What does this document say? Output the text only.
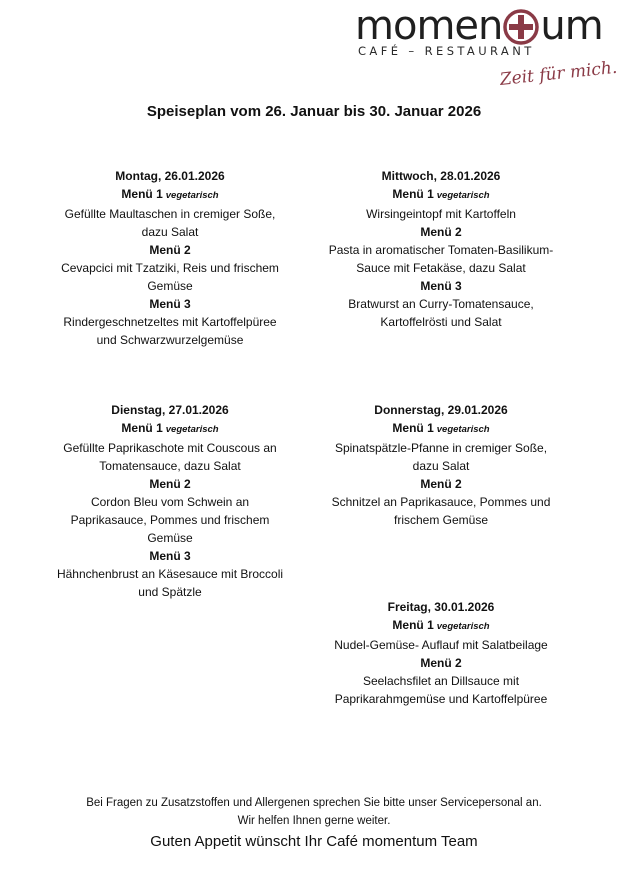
momen um
CAFÉ – RESTAURANT
Zeit für mich.
Speiseplan vom 26. Januar bis 30. Januar 2026

Montag, 26.01.2026

Menü 1 vegetarisch

Gefüllte Maultaschen in cremiger Soße,

dazu Salat

Menü 2

Cevapcici mit Tzatziki, Reis und frischem

Gemüse

Menü 3

Rindergeschnetzeltes mit Kartoffelpüree

und Schwarzwurzelgemüse

Mittwoch, 28.01.2026

Menü 1 vegetarisch

Wirsingeintopf mit Kartoffeln

Menü 2

Pasta in aromatischer Tomaten-Basilikum-

Sauce mit Fetakäse, dazu Salat

Menü 3

Bratwurst an Curry-Tomatensauce,

Kartoffelrösti und Salat

Dienstag, 27.01.2026

Menü 1 vegetarisch

Gefüllte Paprikaschote mit Couscous an

Tomatensauce, dazu Salat

Menü 2

Cordon Bleu vom Schwein an

Paprikasauce, Pommes und frischem

Gemüse

Menü 3

Hähnchenbrust an Käsesauce mit Broccoli

und Spätzle

Donnerstag, 29.01.2026

Menü 1 vegetarisch

Spinatspätzle-Pfanne in cremiger Soße,

dazu Salat

Menü 2

Schnitzel an Paprikasauce, Pommes und

frischem Gemüse

Freitag, 30.01.2026

Menü 1 vegetarisch

Nudel-Gemüse- Auflauf mit Salatbeilage

Menü 2

Seelachsfilet an Dillsauce mit

Paprikarahmgemüse und Kartoffelpüree

Bei Fragen zu Zusatzstoffen und Allergenen sprechen Sie bitte unser Servicepersonal an.

Wir helfen Ihnen gerne weiter.

Guten Appetit wünscht Ihr Café momentum Team
